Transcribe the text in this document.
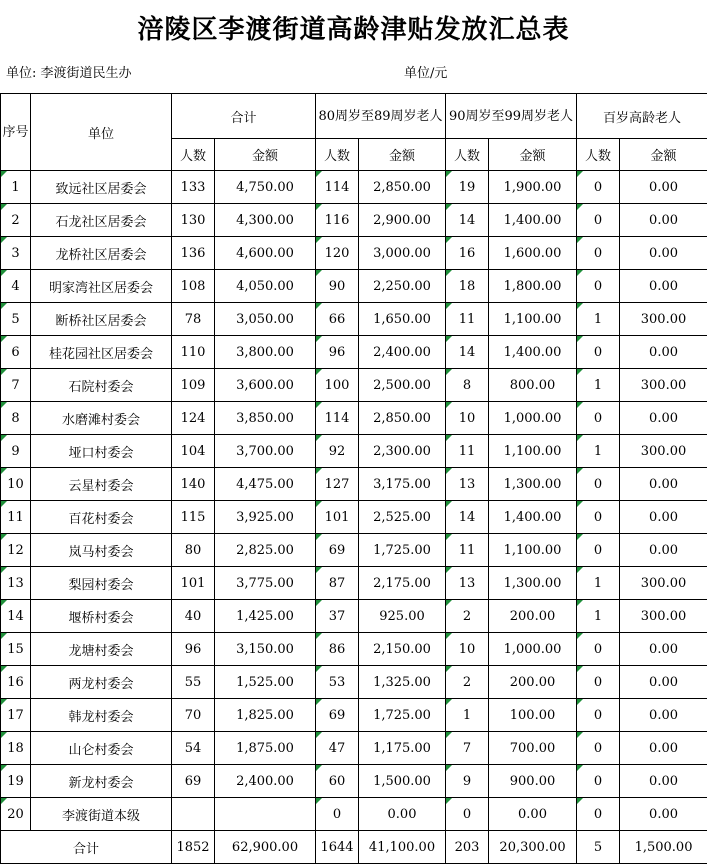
涪陵区李渡街道高龄津贴发放汇总表
单位: 李渡街道民生办	单位/元
序号	单位	合计		80周岁至89周岁老人		90周岁至99周岁老人		百岁高龄老人	
		人数	金额	人数	金额	人数	金额	人数	金额
1	致远社区居委会	133	4,750.00	114	2,850.00	19	1,900.00	0	0.00
2	石龙社区居委会	130	4,300.00	116	2,900.00	14	1,400.00	0	0.00
3	龙桥社区居委会	136	4,600.00	120	3,000.00	16	1,600.00	0	0.00
4	明家湾社区居委会	108	4,050.00	90	2,250.00	18	1,800.00	0	0.00
5	断桥社区居委会	78	3,050.00	66	1,650.00	11	1,100.00	1	300.00
6	桂花园社区居委会	110	3,800.00	96	2,400.00	14	1,400.00	0	0.00
7	石院村委会	109	3,600.00	100	2,500.00	8	800.00	1	300.00
8	水磨滩村委会	124	3,850.00	114	2,850.00	10	1,000.00	0	0.00
9	垭口村委会	104	3,700.00	92	2,300.00	11	1,100.00	1	300.00
10	云星村委会	140	4,475.00	127	3,175.00	13	1,300.00	0	0.00
11	百花村委会	115	3,925.00	101	2,525.00	14	1,400.00	0	0.00
12	岚马村委会	80	2,825.00	69	1,725.00	11	1,100.00	0	0.00
13	梨园村委会	101	3,775.00	87	2,175.00	13	1,300.00	1	300.00
14	堰桥村委会	40	1,425.00	37	925.00	2	200.00	1	300.00
15	龙塘村委会	96	3,150.00	86	2,150.00	10	1,000.00	0	0.00
16	两龙村委会	55	1,525.00	53	1,325.00	2	200.00	0	0.00
17	韩龙村委会	70	1,825.00	69	1,725.00	1	100.00	0	0.00
18	山仑村委会	54	1,875.00	47	1,175.00	7	700.00	0	0.00
19	新龙村委会	69	2,400.00	60	1,500.00	9	900.00	0	0.00
20	李渡街道本级			0	0.00	0	0.00	0	0.00
合计		1852	62,900.00	1644	41,100.00	203	20,300.00	5	1,500.00
